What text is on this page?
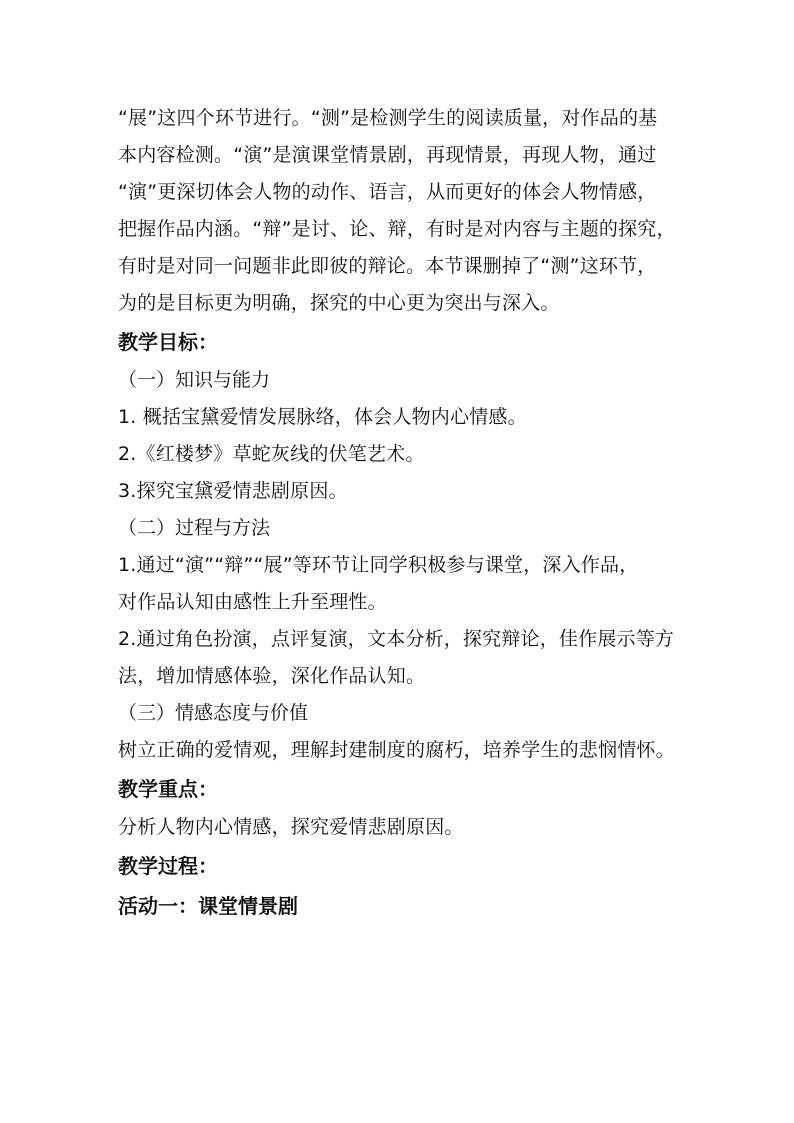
“展”这四个环节进行。“测”是检测学生的阅读质量，对作品的基
本内容检测。“演”是演课堂情景剧，再现情景，再现人物，通过
“演”更深切体会人物的动作、语言，从而更好的体会人物情感，
把握作品内涵。“辩”是讨、论、辩，有时是对内容与主题的探究，
有时是对同一问题非此即彼的辩论。本节课删掉了“测”这环节，
为的是目标更为明确，探究的中心更为突出与深入。
教学目标：
（一）知识与能力
1. 概括宝黛爱情发展脉络，体会人物内心情感。
2.《红楼梦》草蛇灰线的伏笔艺术。
3.探究宝黛爱情悲剧原因。
（二）过程与方法
1.通过“演”“辩”“展”等环节让同学积极参与课堂，深入作品，
对作品认知由感性上升至理性。
2.通过角色扮演，点评复演，文本分析，探究辩论，佳作展示等方
法，增加情感体验，深化作品认知。
（三）情感态度与价值
树立正确的爱情观，理解封建制度的腐朽，培养学生的悲悯情怀。
教学重点：
分析人物内心情感，探究爱情悲剧原因。
教学过程：
活动一：课堂情景剧
